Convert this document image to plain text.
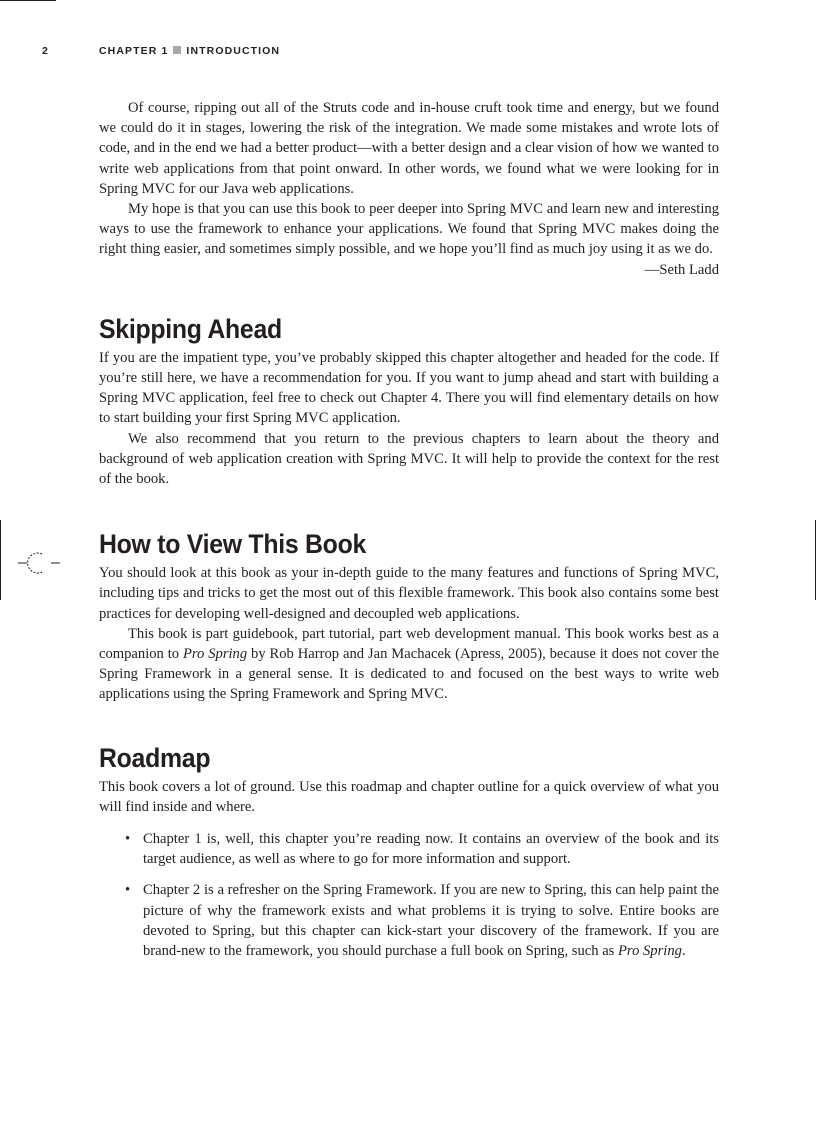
2	CHAPTER 1 INTRODUCTION

Of course, ripping out all of the Struts code and in-house cruft took time and energy, but we found we could do it in stages, lowering the risk of the integration. We made some mistakes and wrote lots of code, and in the end we had a better product—with a better design and a clear vision of how we wanted to write web applications from that point onward. In other words, we found what we were looking for in Spring MVC for our Java web applications.

My hope is that you can use this book to peer deeper into Spring MVC and learn new and interesting ways to use the framework to enhance your applications. We found that Spring MVC makes doing the right thing easier, and sometimes simply possible, and we hope you’ll find as much joy using it as we do.

—Seth Ladd

Skipping Ahead

If you are the impatient type, you’ve probably skipped this chapter altogether and headed for the code. If you’re still here, we have a recommendation for you. If you want to jump ahead and start with building a Spring MVC application, feel free to check out Chapter 4. There you will find elementary details on how to start building your first Spring MVC application.

We also recommend that you return to the previous chapters to learn about the theory and background of web application creation with Spring MVC. It will help to provide the context for the rest of the book.

How to View This Book

You should look at this book as your in-depth guide to the many features and functions of Spring MVC, including tips and tricks to get the most out of this flexible framework. This book also contains some best practices for developing well-designed and decoupled web applications.

This book is part guidebook, part tutorial, part web development manual. This book works best as a companion to Pro Spring by Rob Harrop and Jan Machacek (Apress, 2005), because it does not cover the Spring Framework in a general sense. It is dedicated to and focused on the best ways to write web applications using the Spring Framework and Spring MVC.

Roadmap

This book covers a lot of ground. Use this roadmap and chapter outline for a quick overview of what you will find inside and where.

• Chapter 1 is, well, this chapter you’re reading now. It contains an overview of the book and its target audience, as well as where to go for more information and support.

• Chapter 2 is a refresher on the Spring Framework. If you are new to Spring, this can help paint the picture of why the framework exists and what problems it is trying to solve. Entire books are devoted to Spring, but this chapter can kick-start your discovery of the framework. If you are brand-new to the framework, you should purchase a full book on Spring, such as Pro Spring.
